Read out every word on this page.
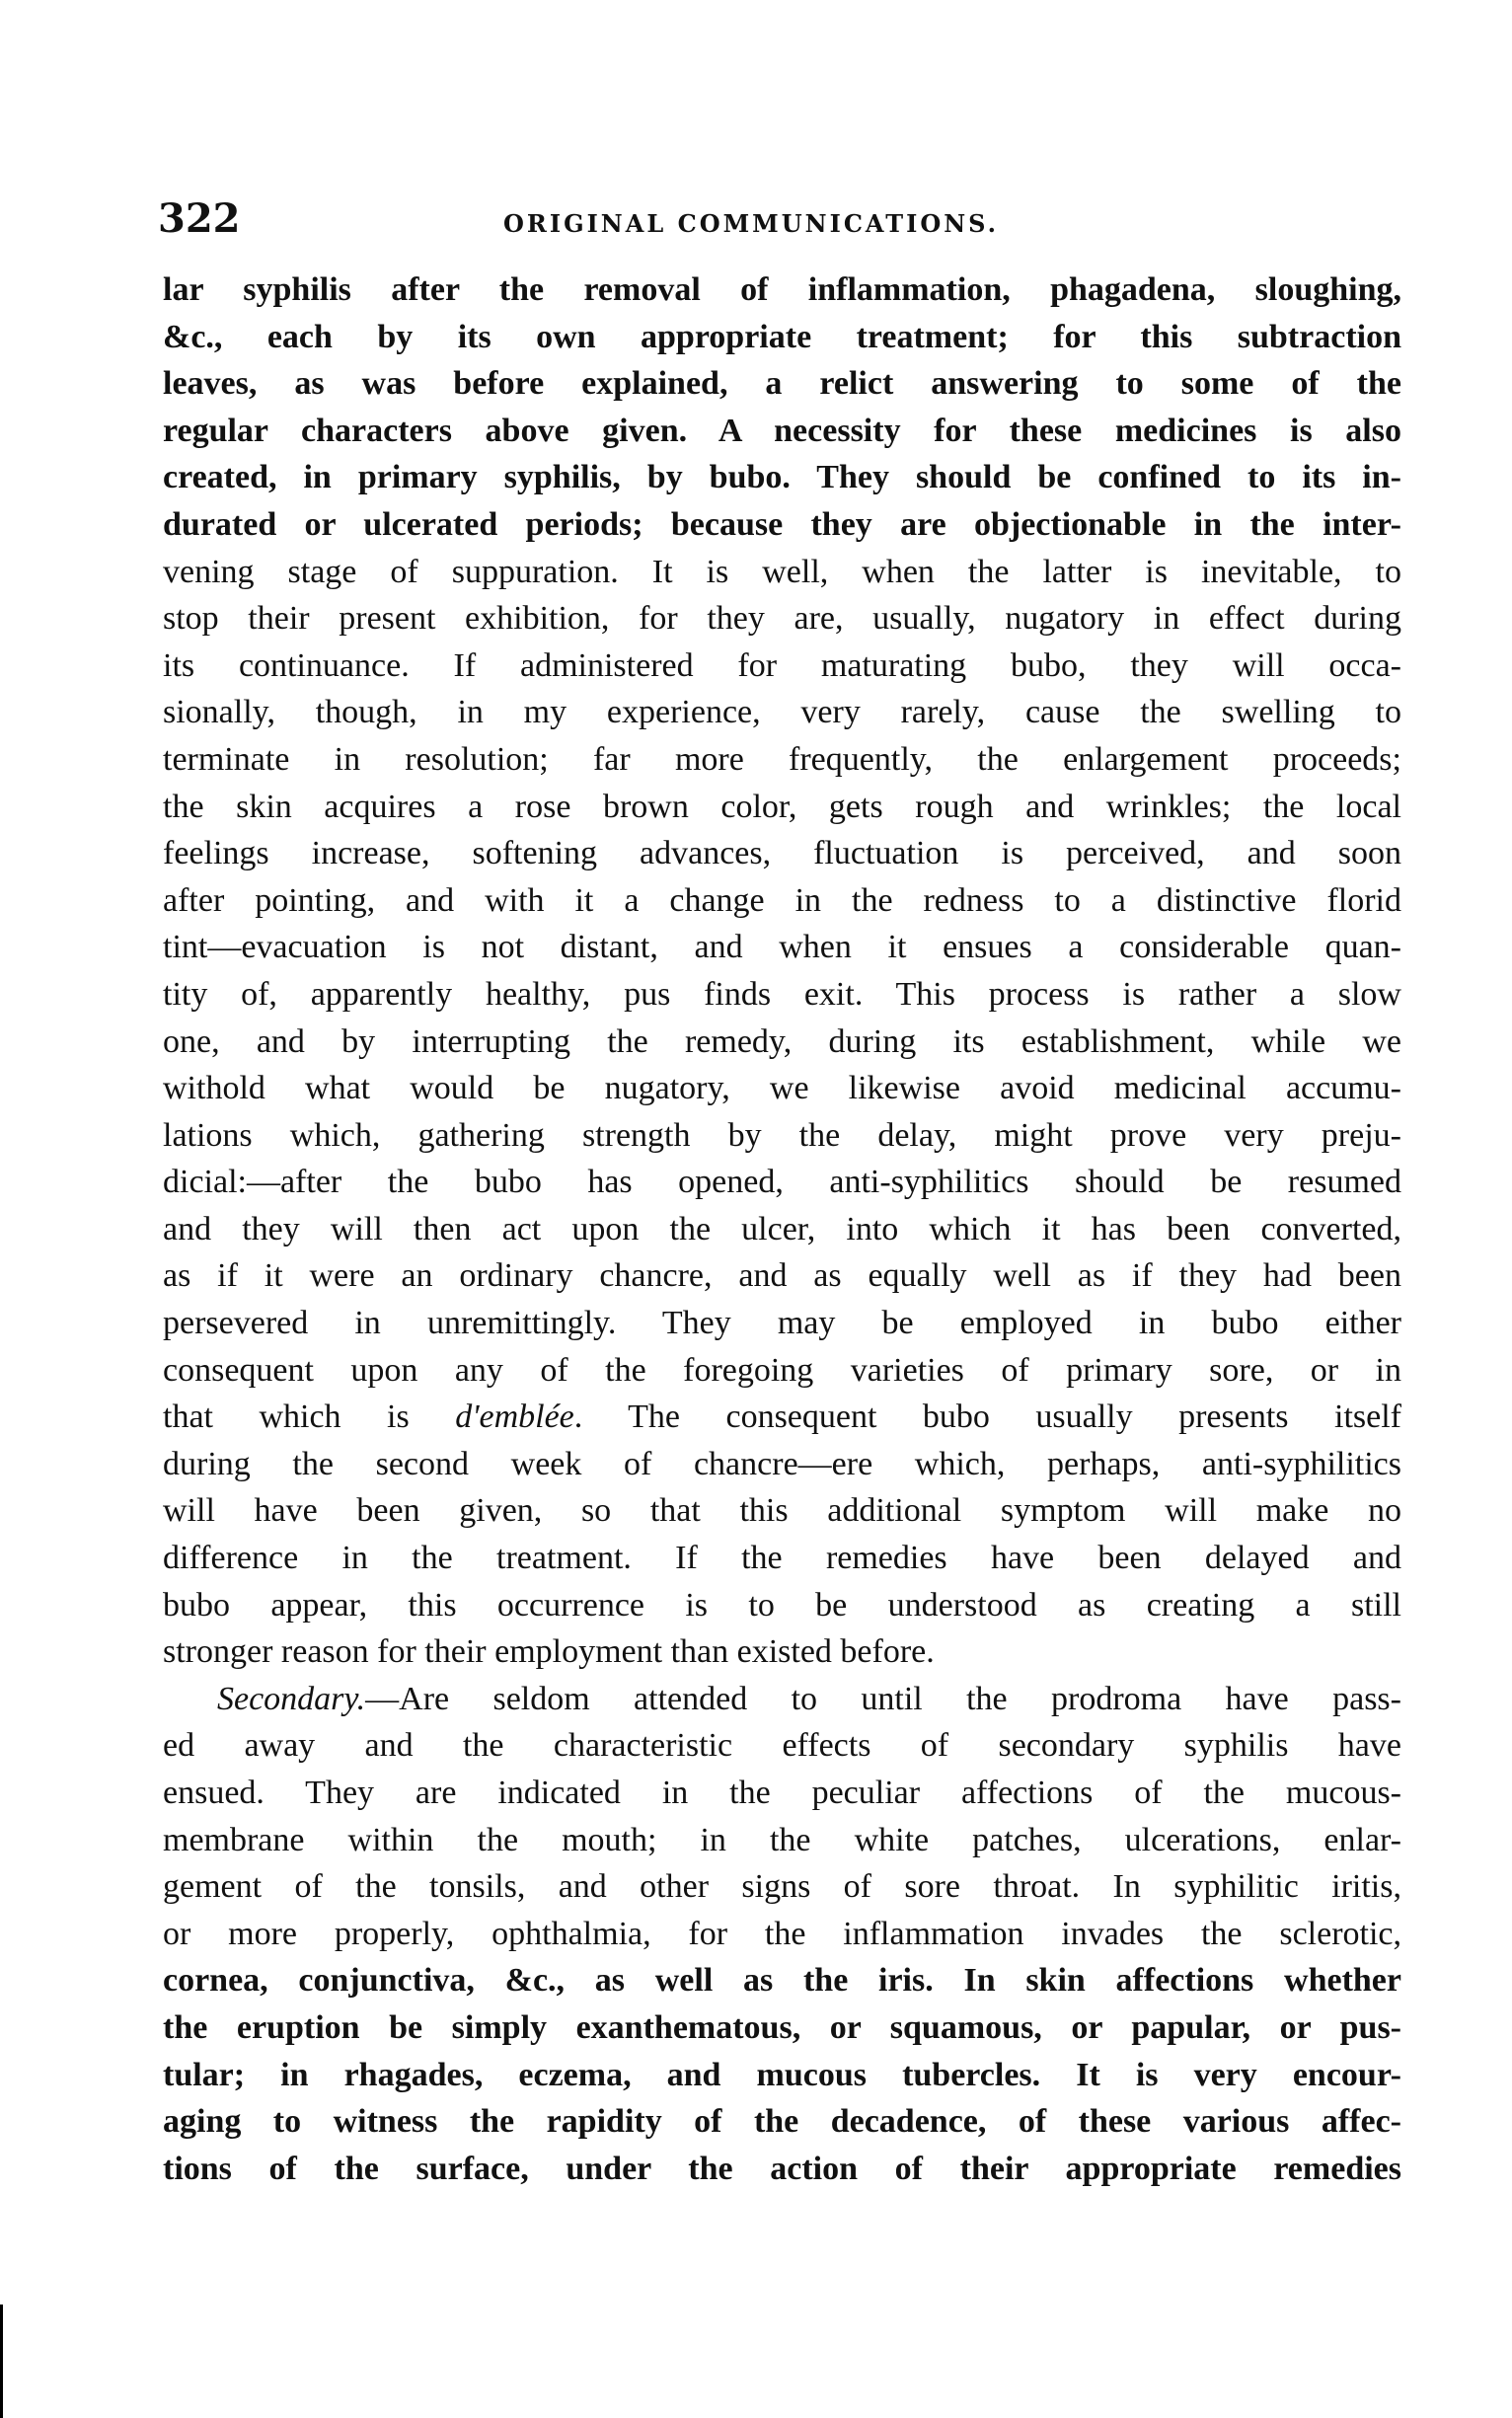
322	ORIGINAL COMMUNICATIONS.
lar syphilis after the removal of inflammation, phagadena, sloughing,
&c., each by its own appropriate treatment; for this subtraction
leaves, as was before explained, a relict answering to some of the
regular characters above given. A necessity for these medicines is also
created, in primary syphilis, by bubo. They should be confined to its in-
durated or ulcerated periods; because they are objectionable in the inter-
vening stage of suppuration. It is well, when the latter is inevitable, to
stop their present exhibition, for they are, usually, nugatory in effect during
its continuance. If administered for maturating bubo, they will occa-
sionally, though, in my experience, very rarely, cause the swelling to
terminate in resolution; far more frequently, the enlargement proceeds;
the skin acquires a rose brown color, gets rough and wrinkles; the local
feelings increase, softening advances, fluctuation is perceived, and soon
after pointing, and with it a change in the redness to a distinctive florid
tint—evacuation is not distant, and when it ensues a considerable quan-
tity of, apparently healthy, pus finds exit. This process is rather a slow
one, and by interrupting the remedy, during its establishment, while we
withold what would be nugatory, we likewise avoid medicinal accumu-
lations which, gathering strength by the delay, might prove very preju-
dicial:—after the bubo has opened, anti-syphilitics should be resumed
and they will then act upon the ulcer, into which it has been converted,
as if it were an ordinary chancre, and as equally well as if they had been
persevered in unremittingly. They may be employed in bubo either
consequent upon any of the foregoing varieties of primary sore, or in
that which is d'emblée. The consequent bubo usually presents itself
during the second week of chancre—ere which, perhaps, anti-syphilitics
will have been given, so that this additional symptom will make no
difference in the treatment. If the remedies have been delayed and
bubo appear, this occurrence is to be understood as creating a still
stronger reason for their employment than existed before.
Secondary.—Are seldom attended to until the prodroma have pass-
ed away and the characteristic effects of secondary syphilis have
ensued. They are indicated in the peculiar affections of the mucous-
membrane within the mouth; in the white patches, ulcerations, enlar-
gement of the tonsils, and other signs of sore throat. In syphilitic iritis,
or more properly, ophthalmia, for the inflammation invades the sclerotic,
cornea, conjunctiva, &c., as well as the iris. In skin affections whether
the eruption be simply exanthematous, or squamous, or papular, or pus-
tular; in rhagades, eczema, and mucous tubercles. It is very encour-
aging to witness the rapidity of the decadence, of these various affec-
tions of the surface, under the action of their appropriate remedies
